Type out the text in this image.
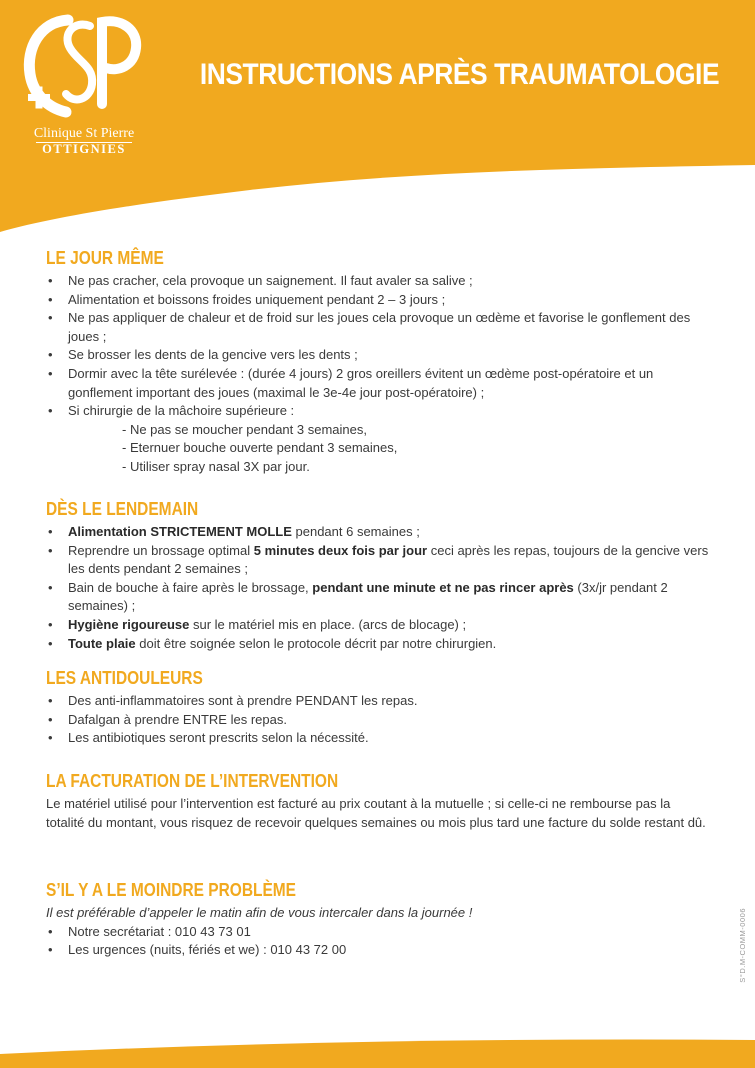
Clinique St Pierre
OTTIGNIES
INSTRUCTIONS APRÈS TRAUMATOLOGIE
LE JOUR MÊME
• Ne pas cracher, cela provoque un saignement. Il faut avaler sa salive ;
• Alimentation et boissons froides uniquement pendant 2 – 3 jours ;
• Ne pas appliquer de chaleur et de froid sur les joues cela provoque un œdème et favorise le gonflement des joues ;
• Se brosser les dents de la gencive vers les dents ;
• Dormir avec la tête surélevée : (durée 4 jours) 2 gros oreillers évitent un œdème post-opératoire et un gonflement important des joues (maximal le 3e-4e jour post-opératoire) ;
• Si chirurgie de la mâchoire supérieure :
- Ne pas se moucher pendant 3 semaines,
- Eternuer bouche ouverte pendant 3 semaines,
- Utiliser spray nasal 3X par jour.
DÈS LE LENDEMAIN
• Alimentation STRICTEMENT MOLLE pendant 6 semaines ;
• Reprendre un brossage optimal 5 minutes deux fois par jour ceci après les repas, toujours de la gencive vers les dents pendant 2 semaines ;
• Bain de bouche à faire après le brossage, pendant une minute et ne pas rincer après (3x/jr pendant 2 semaines) ;
• Hygiène rigoureuse sur le matériel mis en place. (arcs de blocage) ;
• Toute plaie doit être soignée selon le protocole décrit par notre chirurgien.
LES ANTIDOULEURS
• Des anti-inflammatoires sont à prendre PENDANT les repas.
• Dafalgan à prendre ENTRE les repas.
• Les antibiotiques seront prescrits selon la nécessité.
LA FACTURATION DE L’INTERVENTION

Le matériel utilisé pour l’intervention est facturé au prix coutant à la mutuelle ; si celle-ci ne rembourse pas la totalité du montant, vous risquez de recevoir quelques semaines ou mois plus tard une facture du solde restant dû.

S’IL Y A LE MOINDRE PROBLÈME

Il est préférable d’appeler le matin afin de vous intercaler dans la journée !

• Notre secrétariat : 010 43 73 01
• Les urgences (nuits, fériés et we) : 010 43 72 00	S°D.M-COMM-0006
